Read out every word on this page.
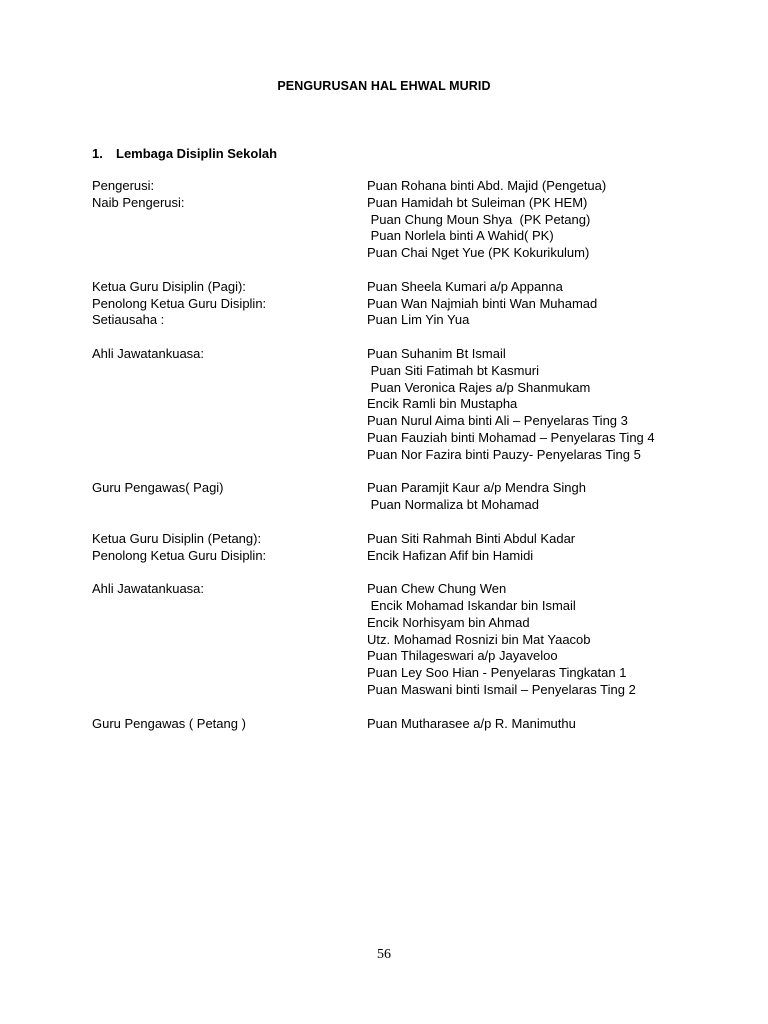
PENGURUSAN HAL EHWAL MURID
1. Lembaga Disiplin Sekolah
Pengerusi:	Puan Rohana binti Abd. Majid (Pengetua)
Naib Pengerusi:	Puan Hamidah bt Suleiman (PK HEM)
Puan Chung Moun Shya  (PK Petang)
Puan Norlela binti A Wahid( PK)
Puan Chai Nget Yue (PK Kokurikulum)
Ketua Guru Disiplin (Pagi):	Puan Sheela Kumari a/p Appanna
Penolong Ketua Guru Disiplin:	Puan Wan Najmiah binti Wan Muhamad
Setiausaha :	Puan Lim Yin Yua
Ahli Jawatankuasa:	Puan Suhanim Bt Ismail
Puan Siti Fatimah bt Kasmuri
Puan Veronica Rajes a/p Shanmukam
Encik Ramli bin Mustapha
Puan Nurul Aima binti Ali – Penyelaras Ting 3
Puan Fauziah binti Mohamad – Penyelaras Ting 4
Puan Nor Fazira binti Pauzy- Penyelaras Ting 5
Guru Pengawas( Pagi)	Puan Paramjit Kaur a/p Mendra Singh
Puan Normaliza bt Mohamad
Ketua Guru Disiplin (Petang):	Puan Siti Rahmah Binti Abdul Kadar
Penolong Ketua Guru Disiplin:	Encik Hafizan Afif bin Hamidi
Ahli Jawatankuasa:	Puan Chew Chung Wen
Encik Mohamad Iskandar bin Ismail
Encik Norhisyam bin Ahmad
Utz. Mohamad Rosnizi bin Mat Yaacob
Puan Thilageswari a/p Jayaveloo
Puan Ley Soo Hian - Penyelaras Tingkatan 1
Puan Maswani binti Ismail – Penyelaras Ting 2
Guru Pengawas ( Petang )	Puan Mutharasee a/p R. Manimuthu
56
